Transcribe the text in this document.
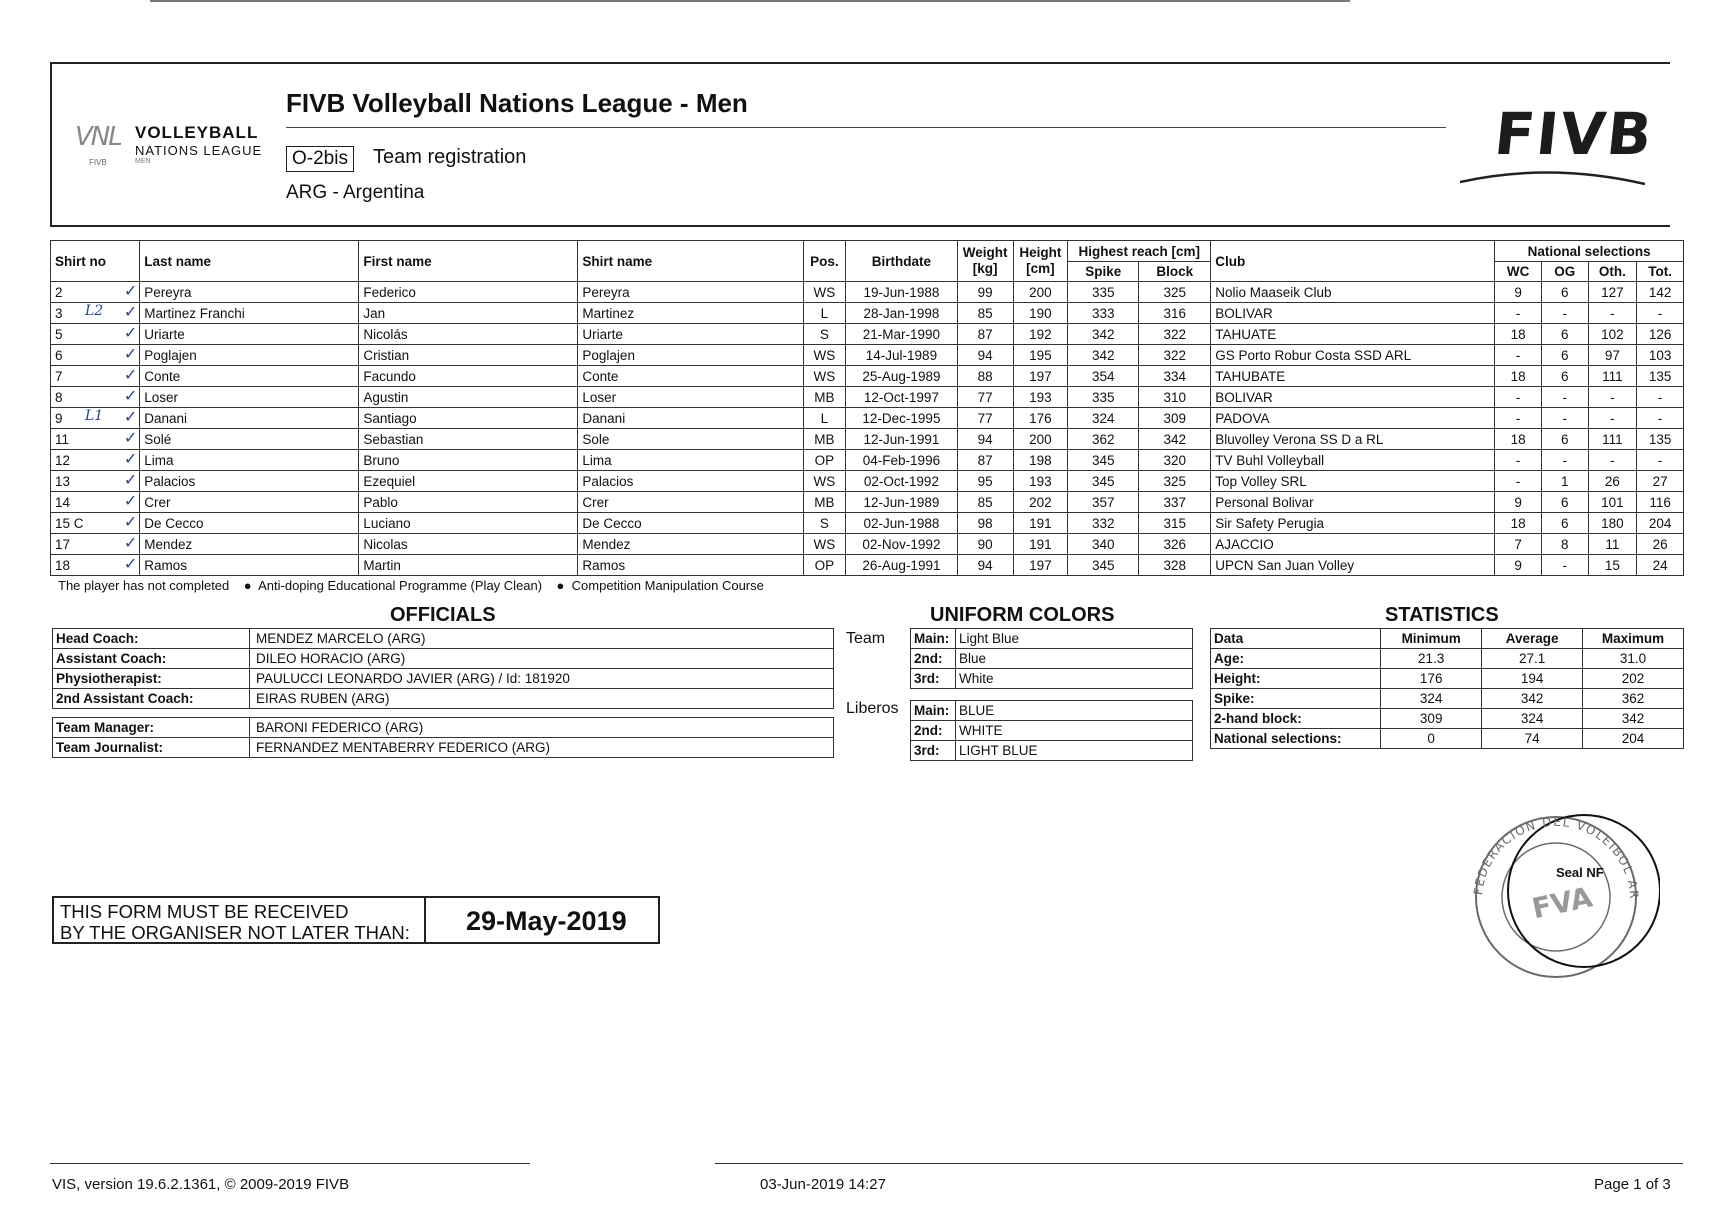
VNL
FIVB
VOLLEYBALL
NATIONS LEAGUE
MEN
FIVB Volleyball Nations League - Men
O-2bis	Team registration
ARG - Argentina
FIVB
Shirt no	Last name	First name	Shirt name	Pos.	Birthdate	Weight [kg]	Height [cm]	Highest reach [cm]		Club	National selections			
								Spike	Block		WC	OG	Oth.	Tot.
2 ✓	Pereyra	Federico	Pereyra	WS	19-Jun-1988	99	200	335	325	Nolio Maaseik Club	9	6	127	142
3 L2 ✓	Martinez Franchi	Jan	Martinez	L	28-Jan-1998	85	190	333	316	BOLIVAR	-	-	-	-
5 ✓	Uriarte	Nicolás	Uriarte	S	21-Mar-1990	87	192	342	322	TAHUATE	18	6	102	126
6 ✓	Poglajen	Cristian	Poglajen	WS	14-Jul-1989	94	195	342	322	GS Porto Robur Costa SSD ARL	-	6	97	103
7 ✓	Conte	Facundo	Conte	WS	25-Aug-1989	88	197	354	334	TAHUBATE	18	6	111	135
8 ✓	Loser	Agustin	Loser	MB	12-Oct-1997	77	193	335	310	BOLIVAR	-	-	-	-
9 L1 ✓	Danani	Santiago	Danani	L	12-Dec-1995	77	176	324	309	PADOVA	-	-	-	-
11 ✓	Solé	Sebastian	Sole	MB	12-Jun-1991	94	200	362	342	Bluvolley Verona SS D a RL	18	6	111	135
12 ✓	Lima	Bruno	Lima	OP	04-Feb-1996	87	198	345	320	TV Buhl Volleyball	-	-	-	-
13 ✓	Palacios	Ezequiel	Palacios	WS	02-Oct-1992	95	193	345	325	Top Volley SRL	-	1	26	27
14 ✓	Crer	Pablo	Crer	MB	12-Jun-1989	85	202	357	337	Personal Bolivar	9	6	101	116
15 C ✓	De Cecco	Luciano	De Cecco	S	02-Jun-1988	98	191	332	315	Sir Safety Perugia	18	6	180	204
17 ✓	Mendez	Nicolas	Mendez	WS	02-Nov-1992	90	191	340	326	AJACCIO	7	8	11	26
18 ✓	Ramos	Martin	Ramos	OP	26-Aug-1991	94	197	345	328	UPCN San Juan Volley	9	-	15	24
The player has not completed ● Anti-doping Educational Programme (Play Clean) ● Competition Manipulation Course
OFFICIALS
Head Coach:	MENDEZ MARCELO (ARG)
Assistant Coach:	DILEO HORACIO (ARG)
Physiotherapist:	PAULUCCI LEONARDO JAVIER (ARG) / Id: 181920
2nd Assistant Coach:	EIRAS RUBEN (ARG)

Team Manager:	BARONI FEDERICO (ARG)
Team Journalist:	FERNANDEZ MENTABERRY FEDERICO (ARG)
UNIFORM COLORS
Team Main:	Light Blue
2nd:	Blue
3rd:	White
Liberos Main:	BLUE
2nd:	WHITE
3rd:	LIGHT BLUE
STATISTICS
Data	Minimum	Average	Maximum
Age:	21.3	27.1	31.0
Height:	176	194	202
Spike:	324	342	362
2-hand block:	309	324	342
National selections:	0	74	204
THIS FORM MUST BE RECEIVED
BY THE ORGANISER NOT LATER THAN: 29-May-2019
FEDERACION DEL VOLEIBOL AR
FVA
Seal NF
VIS, version 19.6.2.1361, © 2009-2019 FIVB	03-Jun-2019 14:27	Page 1 of 3
